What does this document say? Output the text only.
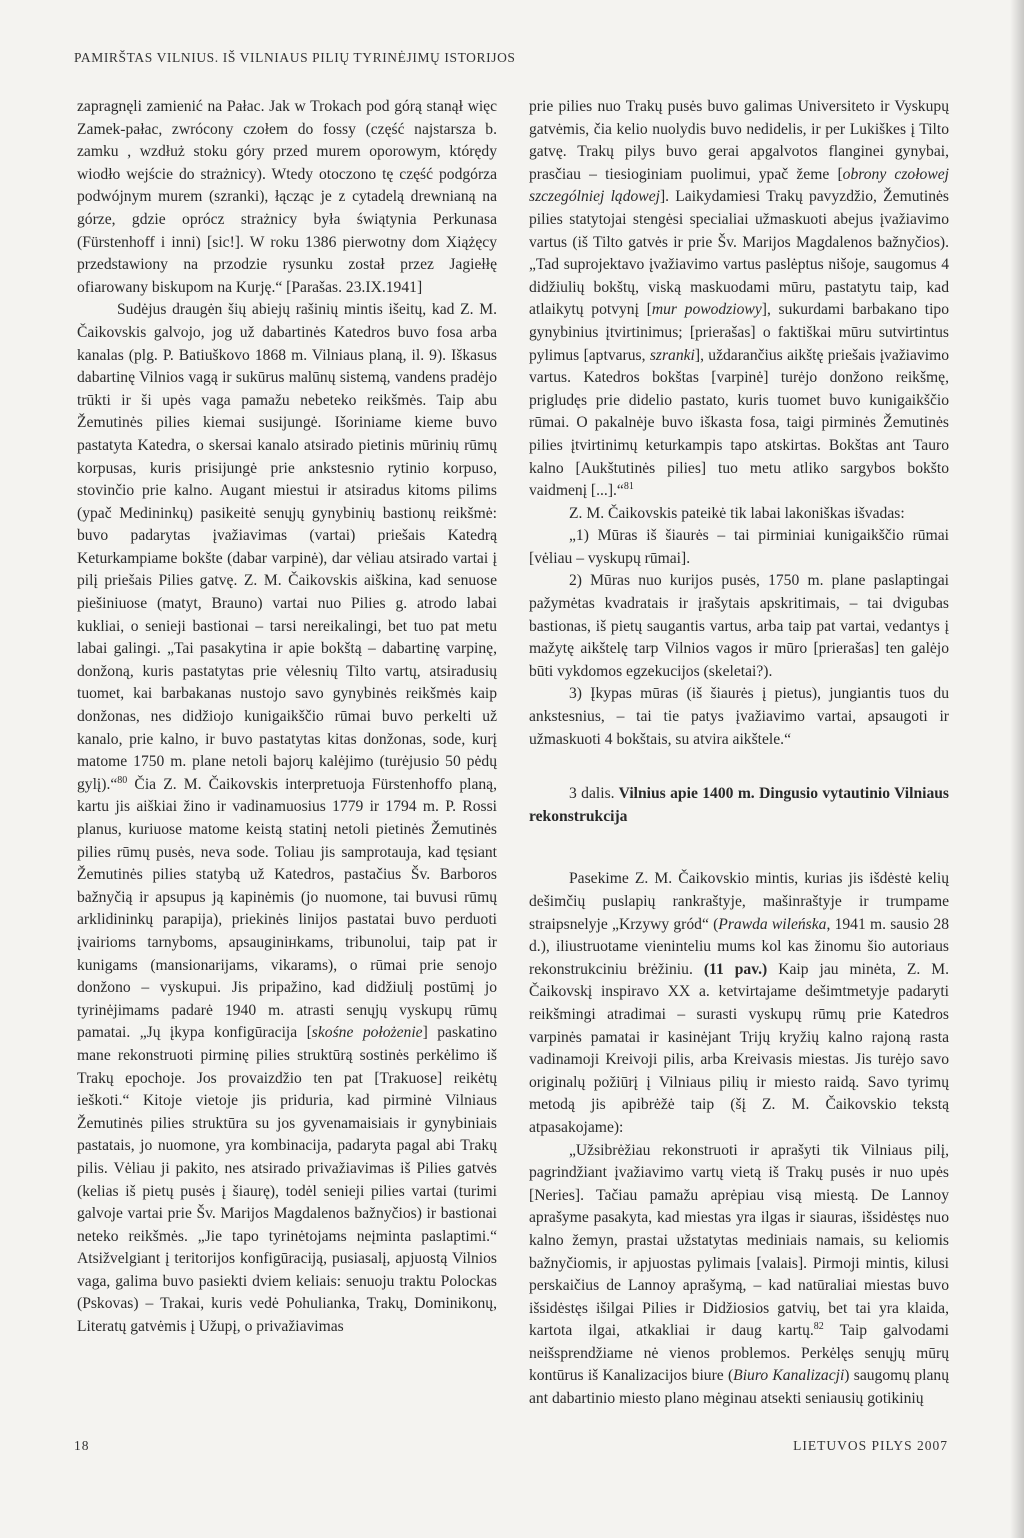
PAMIRŠTAS VILNIUS. IŠ VILNIAUS PILIŲ TYRINĖJIMŲ ISTORIJOS

zapragnęli zamienić na Pałac. Jak w Trokach pod górą stanął więc Zamek-pałac, zwrócony czołem do fossy (część najstarsza b. zamku , wzdłuż stoku góry przed murem oporowym, którędy wiodło wejście do strażnicy). Wtedy otoczono tę część podgórza podwójnym murem (szranki), łącząc je z cytadelą drewnianą na górze, gdzie oprócz strażnicy była świątynia Perkunasa (Fürstenhoff i inni) [sic!]. W roku 1386 pierwotny dom Xiążęcy przedstawiony na przodzie rysunku został przez Jagiełłę ofiarowany biskupom na Kurję.“ [Parašas. 23.IX.1941]

Sudėjus draugėn šių abiejų rašinių mintis išeitų, kad Z. M. Čaikovskis galvojo, jog už dabartinės Katedros buvo fosa arba kanalas (plg. P. Batiuškovo 1868 m. Vilniaus planą, il. 9). Iškasus dabartinę Vilnios vagą ir sukūrus malūnų sistemą, vandens pradėjo trūkti ir ši upės vaga pamažu nebeteko reikšmės. Taip abu Žemutinės pilies kiemai susijungė. Išoriniame kieme buvo pastatyta Katedra, o skersai kanalo atsirado pietinis mūrinių rūmų korpusas, kuris prisijungė prie ankstesnio rytinio korpuso, stovinčio prie kalno. Augant miestui ir atsiradus kitoms pilims (ypač Medininkų) pasikeitė senųjų gynybinių bastionų reikšmė: buvo padarytas įvažiavimas (vartai) priešais Katedrą Keturkampiame bokšte (dabar varpinė), dar vėliau atsirado vartai į pilį priešais Pilies gatvę. Z. M. Čaikovskis aiškina, kad senuose piešiniuose (matyt, Brauno) vartai nuo Pilies g. atrodo labai kukliai, o senieji bastionai – tarsi nereikalingi, bet tuo pat metu labai galingi. „Tai pasakytina ir apie bokštą – dabartinę varpinę, donžoną, kuris pastatytas prie vėlesnių Tilto vartų, atsiradusių tuomet, kai barbakanas nustojo savo gynybinės reikšmės kaip donžonas, nes didžiojo kunigaikščio rūmai buvo perkelti už kanalo, prie kalno, ir buvo pastatytas kitas donžonas, sode, kurį matome 1750 m. plane netoli bajorų kalėjimo (turėjusio 50 pėdų gylį).“$^{80}$ Čia Z. M. Čaikovskis interpretuoja Fürstenhoffo planą, kartu jis aiškiai žino ir vadinamuosius 1779 ir 1794 m. P. Rossi planus, kuriuose matome keistą statinį netoli pietinės Žemutinės pilies rūmų pusės, neva sode. Toliau jis samprotauja, kad tęsiant Žemutinės pilies statybą už Katedros, pastačius Šv. Barboros bažnyčią ir apsupus ją kapinėmis (jo nuomone, tai buvusi rūmų arklidininkų parapija), priekinės linijos pastatai buvo perduoti įvairioms tarnyboms, apsauginінkams, tribunolui, taip pat ir kunigams (mansionarijams, vikarams), o rūmai prie senojo donžono – vyskupui. Jis pripažino, kad didžiulį postūmį jo tyrinėjimams padarė 1940 m. atrasti senųjų vyskupų rūmų pamatai. „Jų įkypa konfigūracija [skośne położenie] paskatino mane rekonstruoti pirminę pilies struktūrą sostinės perkėlimo iš Trakų epochoje. Jos provaizdžio ten pat [Trakuose] reikėtų ieškoti.“ Kitoje vietoje jis priduria, kad pirminė Vilniaus Žemutinės pilies struktūra su jos gyvenamaisiais ir gynybiniais pastatais, jo nuomone, yra kombinacija, padaryta pagal abi Trakų pilis. Vėliau ji pakito, nes atsirado privažiavimas iš Pilies gatvės (kelias iš pietų pusės į šiaurę), todėl senieji pilies vartai (turimi galvoje vartai prie Šv. Marijos Magdalenos bažnyčios) ir bastionai neteko reikšmės. „Jie tapo tyrinėtojams neįminta paslaptimi.“ Atsižvelgiant į teritorijos konfigūraciją, pusiasalį, apjuostą Vilnios vaga, galima buvo pasiekti dviem keliais: senuoju traktu Polockas (Pskovas) – Trakai, kuris vedė Pohulianka, Trakų, Dominikonų, Literatų gatvėmis į Užupį, o privažiavimas

prie pilies nuo Trakų pusės buvo galimas Universiteto ir Vyskupų gatvėmis, čia kelio nuolydis buvo nedidelis, ir per Lukiškes į Tilto gatvę. Trakų pilys buvo gerai apgalvotos flanginei gynybai, prasčiau – tiesioginiam puolimui, ypač žeme [obrony czołowej szczególniej lądowej]. Laikydamiesi Trakų pavyzdžio, Žemutinės pilies statytojai stengėsi specialiai užmaskuoti abejus įvažiavimo vartus (iš Tilto gatvės ir prie Šv. Marijos Magdalenos bažnyčios). „Tad suprojektavo įvažiavimo vartus paslėptus nišoje, saugomus 4 didžiulių bokštų, viską maskuodami mūru, pastatytu taip, kad atlaikytų potvynį [mur powodziowy], sukurdami barbakano tipo gynybinius įtvirtinimus; [prierašas] o faktiškai mūru sutvirtintus pylimus [aptvarus, szranki], uždarančius aikštę priešais įvažiavimo vartus. Katedros bokštas [varpinė] turėjo donžono reikšmę, prigludęs prie didelio pastato, kuris tuomet buvo kunigaikščio rūmai. O pakalnėje buvo iškasta fosa, taigi pirminės Žemutinės pilies įtvirtinimų keturkampis tapo atskirtas. Bokštas ant Tauro kalno [Aukštutinės pilies] tuo metu atliko sargybos bokšto vaidmenį [...].“$^{81}$

Z. M. Čaikovskis pateikė tik labai lakoniškas išvadas:

„1) Mūras iš šiaurės – tai pirminiai kunigaikščio rūmai [vėliau – vyskupų rūmai].

2) Mūras nuo kurijos pusės, 1750 m. plane paslaptingai pažymėtas kvadratais ir įrašytais apskritimais, – tai dvigubas bastionas, iš pietų saugantis vartus, arba taip pat vartai, vedantys į mažytę aikštelę tarp Vilnios vagos ir mūro [prierašas] ten galėjo būti vykdomos egzekucijos (skeletai?).

3) Įkypas mūras (iš šiaurės į pietus), jungiantis tuos du ankstesnius, – tai tie patys įvažiavimo vartai, apsaugoti ir užmaskuoti 4 bokštais, su atvira aikštele.“

3 dalis. Vilnius apie 1400 m. Dingusio vytautinio Vilniaus rekonstrukcija

Pasekime Z. M. Čaikovskio mintis, kurias jis išdėstė kelių dešimčių puslapių rankraštyje, mašinraštyje ir trumpame straipsnelyje „Krzywy gród“ (Prawda wileńska, 1941 m. sausio 28 d.), iliustruotame vieninteliu mums kol kas žinomu šio autoriaus rekonstrukciniu brėžiniu. (11 pav.) Kaip jau minėta, Z. M. Čaikovskį inspiravo XX a. ketvirtajame dešimtmetyje padaryti reikšmingi atradimai – surasti vyskupų rūmų prie Katedros varpinės pamatai ir kasinėjant Trijų kryžių kalno rajoną rasta vadinamoji Kreivoji pilis, arba Kreivasis miestas. Jis turėjo savo originalų požiūrį į Vilniaus pilių ir miesto raidą. Savo tyrimų metodą jis apibrėžė taip (šį Z. M. Čaikovskio tekstą atpasakojame):

„Užsibrėžiau rekonstruoti ir aprašyti tik Vilniaus pilį, pagrindžiant įvažiavimo vartų vietą iš Trakų pusės ir nuo upės [Neries]. Tačiau pamažu aprėpiau visą miestą. De Lannoy aprašyme pasakyta, kad miestas yra ilgas ir siauras, išsidėstęs nuo kalno žemyn, prastai užstatytas mediniais namais, su keliomis bažnyčiomis, ir apjuostas pylimais [valais]. Pirmoji mintis, kilusi perskaičius de Lannoy aprašymą, – kad natūraliai miestas buvo išsidėstęs išilgai Pilies ir Didžiosios gatvių, bet tai yra klaida, kartota ilgai, atkakliai ir daug kartų.$^{82}$ Taip galvodami neišsprendžiame nė vienos problemos. Perkėlęs senųjų mūrų kontūrus iš Kanalizacijos biure (Biuro Kanalizacji) saugomų planų ant dabartinio miesto plano mėginau atsekti seniausių gotikinių

18	LIETUVOS PILYS 2007
